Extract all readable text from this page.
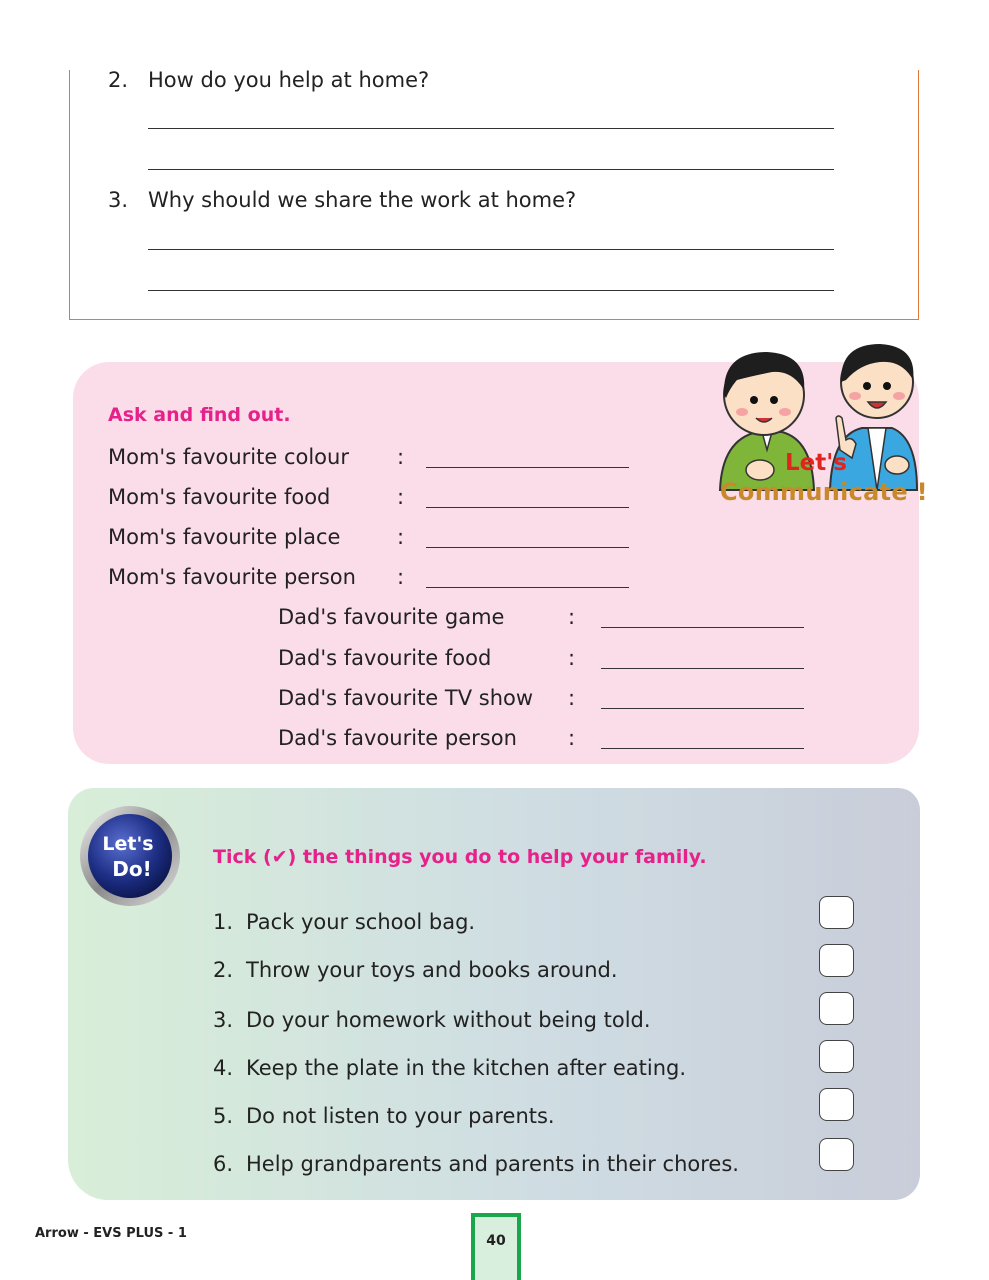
2. How do you help at home?
3. Why should we share the work at home?
Ask and find out.
Mom's favourite colour :
Mom's favourite food	:
Mom's favourite place	:
Mom's favourite person :
Dad's favourite game	:
Dad's favourite food	:
Dad's favourite TV show :
Dad's favourite person :
Let's
Communicate !
Let's
Do!	Tick (✔) the things you do to help your family.
1. Pack your school bag.
2. Throw your toys and books around.
3. Do your homework without being told.
4. Keep the plate in the kitchen after eating.
5. Do not listen to your parents.
6. Help grandparents and parents in their chores.
Arrow - EVS PLUS - 1	40
